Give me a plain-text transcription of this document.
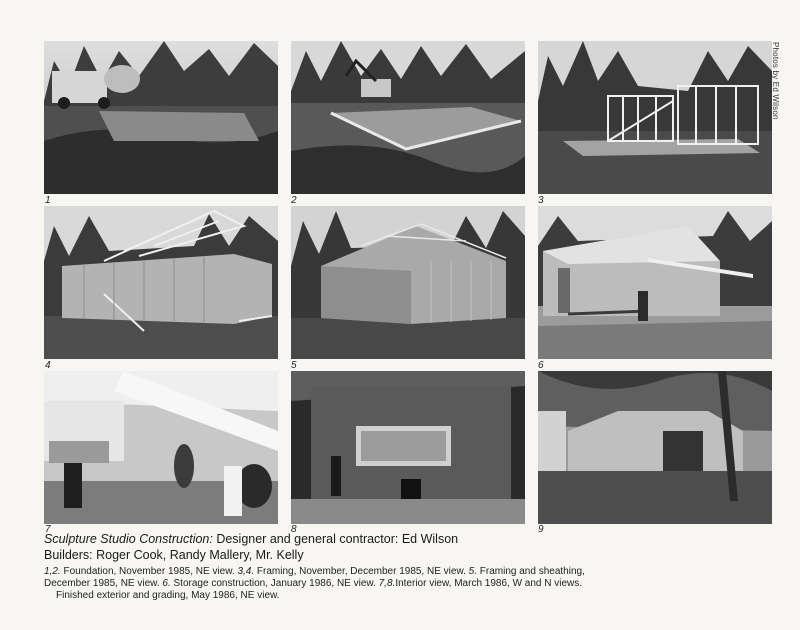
1	2	3
4	5	6
7	8	9
Photos by Ed Wilson
Sculpture Studio Construction: Designer and general contractor: Ed Wilson
Builders: Roger Cook, Randy Mallery, Mr. Kelly
1,2. Foundation, November 1985, NE view. 3,4. Framing, November, December 1985, NE view. 5. Framing and sheathing,
December 1985, NE view. 6. Storage construction, January 1986, NE view. 7,8.Interior view, March 1986, W and N views.
Finished exterior and grading, May 1986, NE view.
